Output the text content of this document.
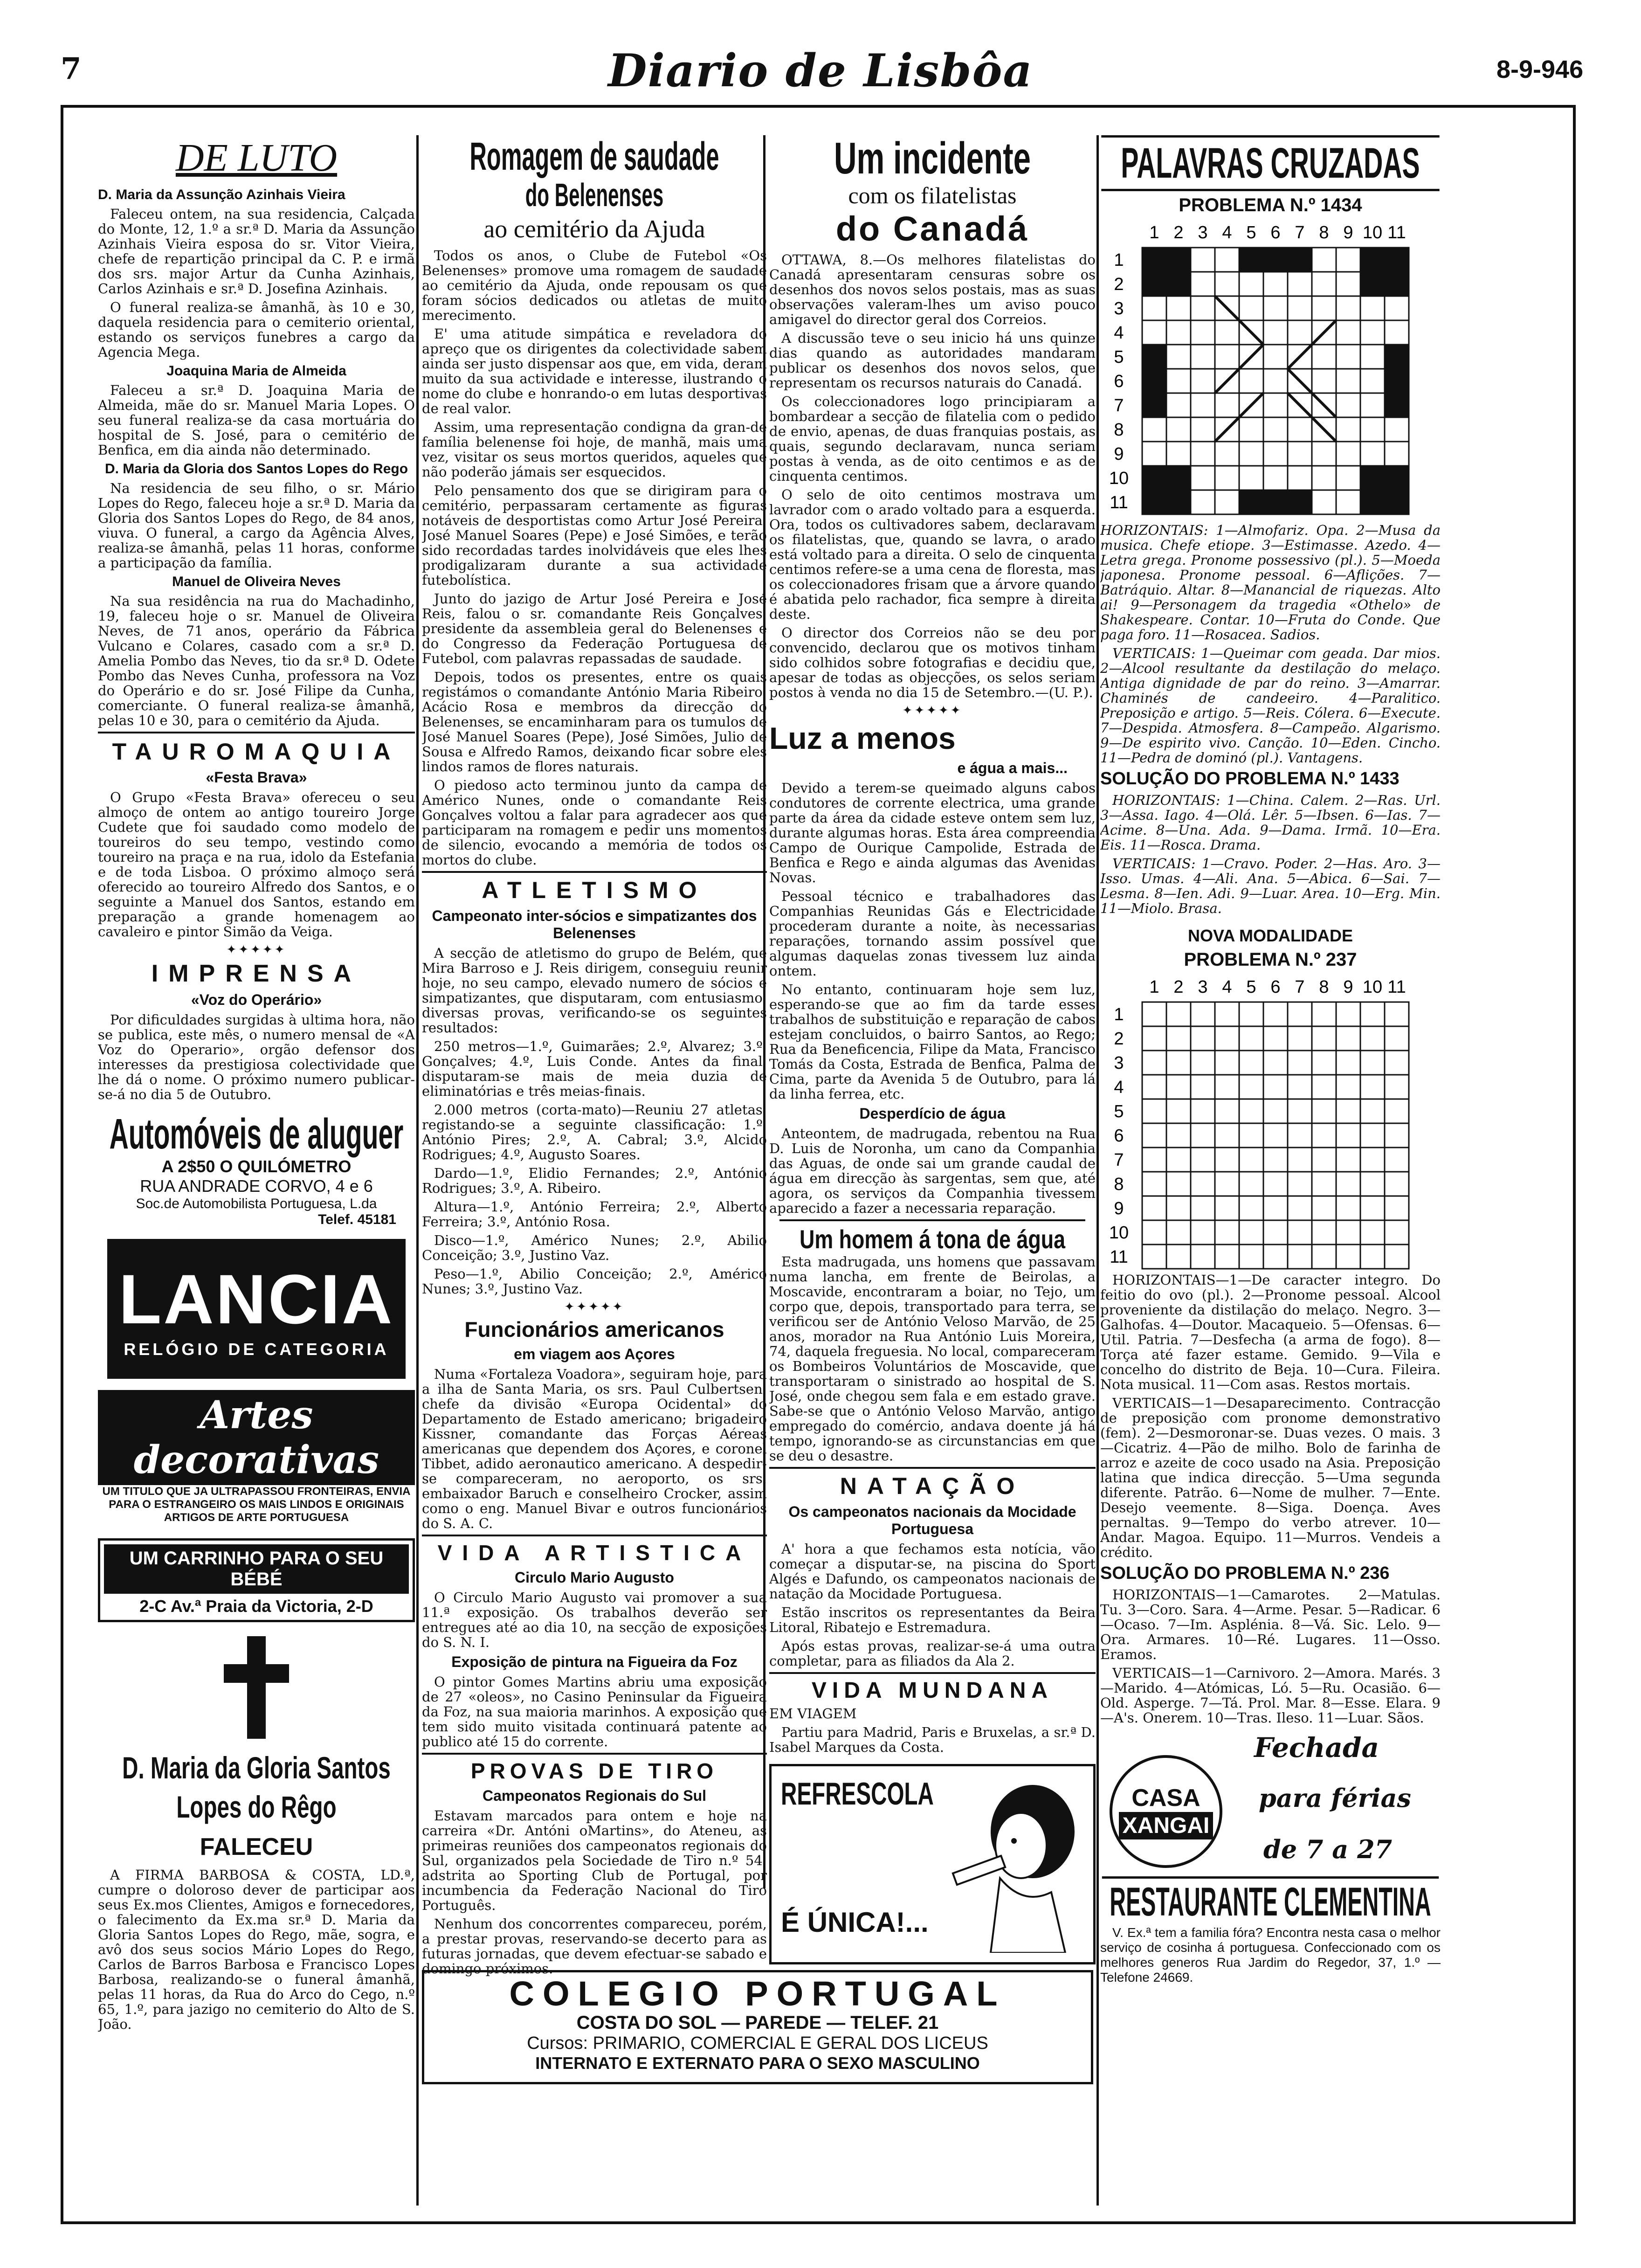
7	Diario de Lisbôa	8-9-946
DE LUTO
D. Maria da Assunção Azinhais Vieira

Faleceu ontem, na sua residencia, Calçada do Monte, 12, 1.º a sr.ª D. Maria da Assunção Azinhais Vieira esposa do sr. Vitor Vieira, chefe de repartição principal da C. P. e irmã dos srs. major Artur da Cunha Azinhais, Carlos Azinhais e sr.ª D. Josefina Azinhais.

O funeral realiza-se âmanhã, às 10 e 30, daquela residencia para o cemiterio oriental, estando os serviços funebres a cargo da Agencia Mega.

Joaquina Maria de Almeida

Faleceu a sr.ª D. Joaquina Maria de Almeida, mãe do sr. Manuel Maria Lopes. O seu funeral realiza-se da casa mortuária do hospital de S. José, para o cemitério de Benfica, em dia ainda não determinado.

D. Maria da Gloria dos Santos Lopes do Rego

Na residencia de seu filho, o sr. Mário Lopes do Rego, faleceu hoje a sr.ª D. Maria da Gloria dos Santos Lopes do Rego, de 84 anos, viuva. O funeral, a cargo da Agência Alves, realiza-se âmanhã, pelas 11 horas, conforme a participação da família.

Manuel de Oliveira Neves

Na sua residência na rua do Machadinho, 19, faleceu hoje o sr. Manuel de Oliveira Neves, de 71 anos, operário da Fábrica Vulcano e Colares, casado com a sr.ª D. Amelia Pombo das Neves, tio da sr.ª D. Odete Pombo das Neves Cunha, professora na Voz do Operário e do sr. José Filipe da Cunha, comerciante. O funeral realiza-se âmanhã, pelas 10 e 30, para o cemitério da Ajuda.

TAUROMAQUIA
«Festa Brava»

O Grupo «Festa Brava» ofereceu o seu almoço de ontem ao antigo toureiro Jorge Cudete que foi saudado como modelo de toureiros do seu tempo, vestindo como toureiro na praça e na rua, idolo da Estefania e de toda Lisboa. O próximo almoço será oferecido ao toureiro Alfredo dos Santos, e o seguinte a Manuel dos Santos, estando em preparação a grande homenagem ao cavaleiro e pintor Simão da Veiga.

✦✦✦✦✦
IMPRENSA
«Voz do Operário»

Por dificuldades surgidas à ultima hora, não se publica, este mês, o numero mensal de «A Voz do Operario», orgão defensor dos interesses da prestigiosa colectividade que lhe dá o nome. O próximo numero publicar-se-á no dia 5 de Outubro.

Automóveis de aluguer
A 2$50 O QUILÓMETRO
RUA ANDRADE CORVO, 4 e 6
Soc.de Automobilista Portuguesa, L.da
Telef. 45181
LANCIA
RELÓGIO DE CATEGORIA
Artes decorativas
UM TITULO QUE JA ULTRAPASSOU FRONTEIRAS, ENVIA PARA O ESTRANGEIRO OS MAIS LINDOS E ORIGINAIS ARTIGOS DE ARTE PORTUGUESA
UM CARRINHO PARA O SEU BÉBÉ
2-C Av.ª Praia da Victoria, 2-D
D. Maria da Gloria Santos Lopes do Rêgo
FALECEU

A FIRMA BARBOSA & COSTA, LD.ª, cumpre o doloroso dever de participar aos seus Ex.mos Clientes, Amigos e fornecedores, o falecimento da Ex.ma sr.ª D. Maria da Gloria Santos Lopes do Rego, mãe, sogra, e avô dos seus socios Mário Lopes do Rego, Carlos de Barros Barbosa e Francisco Lopes Barbosa, realizando-se o funeral âmanhã, pelas 11 horas, da Rua do Arco do Cego, n.º 65, 1.º, para jazigo no cemiterio do Alto de S. João.

Romagem de saudade
do Belenenses
ao cemitério da Ajuda

Todos os anos, o Clube de Futebol «Os Belenenses» promove uma romagem de saudade ao cemitério da Ajuda, onde repousam os que foram sócios dedicados ou atletas de muito merecimento.

E' uma atitude simpática e reveladora do apreço que os dirigentes da colectividade sabem ainda ser justo dispensar aos que, em vida, deram muito da sua actividade e interesse, ilustrando o nome do clube e honrando-o em lutas desportivas de real valor.

Assim, uma representação condigna da gran-de família belenense foi hoje, de manhã, mais uma vez, visitar os seus mortos queridos, aqueles que não poderão jámais ser esquecidos.

Pelo pensamento dos que se dirigiram para o cemitério, perpassaram certamente as figuras notáveis de desportistas como Artur José Pereira, José Manuel Soares (Pepe) e José Simões, e terão sido recordadas tardes inolvidáveis que eles lhes prodigalizaram durante a sua actividade futebolística.

Junto do jazigo de Artur José Pereira e José Reis, falou o sr. comandante Reis Gonçalves, presidente da assembleia geral do Belenenses e do Congresso da Federação Portuguesa de Futebol, com palavras repassadas de saudade.

Depois, todos os presentes, entre os quais registámos o comandante António Maria Ribeiro, Acácio Rosa e membros da direcção do Belenenses, se encaminharam para os tumulos de José Manuel Soares (Pepe), José Simões, Julio de Sousa e Alfredo Ramos, deixando ficar sobre eles lindos ramos de flores naturais.

O piedoso acto terminou junto da campa de Américo Nunes, onde o comandante Reis Gonçalves voltou a falar para agradecer aos que participaram na romagem e pedir uns momentos de silencio, evocando a memória de todos os mortos do clube.

ATLETISMO
Campeonato inter-sócios e simpatizantes dos Belenenses

A secção de atletismo do grupo de Belém, que Mira Barroso e J. Reis dirigem, conseguiu reunir hoje, no seu campo, elevado numero de sócios e simpatizantes, que disputaram, com entusiasmo, diversas provas, verificando-se os seguintes resultados:

250 metros—1.º, Guimarães; 2.º, Alvarez; 3.º, Gonçalves; 4.º, Luis Conde. Antes da final, disputaram-se mais de meia duzia de eliminatórias e três meias-finais.

2.000 metros (corta-mato)—Reuniu 27 atletas, registando-se a seguinte classificação: 1.º, António Pires; 2.º, A. Cabral; 3.º, Alcido Rodrigues; 4.º, Augusto Soares.

Dardo—1.º, Elidio Fernandes; 2.º, António Rodrigues; 3.º, A. Ribeiro.

Altura—1.º, António Ferreira; 2.º, Alberto Ferreira; 3.º, António Rosa.

Disco—1.º, Américo Nunes; 2.º, Abilio Conceição; 3.º, Justino Vaz.

Peso—1.º, Abilio Conceição; 2.º, Américo Nunes; 3.º, Justino Vaz.

✦✦✦✦✦
Funcionários americanos
em viagem aos Açores

Numa «Fortaleza Voadora», seguiram hoje, para a ilha de Santa Maria, os srs. Paul Culbertsen, chefe da divisão «Europa Ocidental» do Departamento de Estado americano; brigadeiro Kissner, comandante das Forças Aéreas americanas que dependem dos Açores, e coronel Tibbet, adido aeronautico americano. A despedir-se compareceram, no aeroporto, os srs. embaixador Baruch e conselheiro Crocker, assim como o eng. Manuel Bivar e outros funcionários do S. A. C.

VIDA ARTISTICA
Circulo Mario Augusto

O Circulo Mario Augusto vai promover a sua 11.ª exposição. Os trabalhos deverão ser entregues até ao dia 10, na secção de exposições do S. N. I.

Exposição de pintura na Figueira da Foz

O pintor Gomes Martins abriu uma exposição de 27 «oleos», no Casino Peninsular da Figueira da Foz, na sua maioria marinhos. A exposição que tem sido muito visitada continuará patente ao publico até 15 do corrente.

PROVAS DE TIRO
Campeonatos Regionais do Sul

Estavam marcados para ontem e hoje na carreira «Dr. Antóni oMartins», do Ateneu, as primeiras reuniões dos campeonatos regionais do Sul, organizados pela Sociedade de Tiro n.º 54, adstrita ao Sporting Club de Portugal, por incumbencia da Federação Nacional do Tiro Português.

Nenhum dos concorrentes compareceu, porém, a prestar provas, reservando-se decerto para as futuras jornadas, que devem efectuar-se sabado e domingo próximos.

Um incidente
com os filatelistas
do Canadá

OTTAWA, 8.—Os melhores filatelistas do Canadá apresentaram censuras sobre os desenhos dos novos selos postais, mas as suas observações valeram-lhes um aviso pouco amigavel do director geral dos Correios.

A discussão teve o seu inicio há uns quinze dias quando as autoridades mandaram publicar os desenhos dos novos selos, que representam os recursos naturais do Canadá.

Os coleccionadores logo principiaram a bombardear a secção de filatelia com o pedido de envio, apenas, de duas franquias postais, as quais, segundo declaravam, nunca seriam postas à venda, as de oito centimos e as de cinquenta centimos.

O selo de oito centimos mostrava um lavrador com o arado voltado para a esquerda. Ora, todos os cultivadores sabem, declaravam os filatelistas, que, quando se lavra, o arado está voltado para a direita. O selo de cinquenta centimos refere-se a uma cena de floresta, mas os coleccionadores frisam que a árvore quando é abatida pelo rachador, fica sempre à direita deste.

O director dos Correios não se deu por convencido, declarou que os motivos tinham sido colhidos sobre fotografias e decidiu que, apesar de todas as objecções, os selos seriam postos à venda no dia 15 de Setembro.—(U. P.).

✦✦✦✦✦
Luz a menos
e água a mais...

Devido a terem-se queimado alguns cabos condutores de corrente electrica, uma grande parte da área da cidade esteve ontem sem luz, durante algumas horas. Esta área compreendia Campo de Ourique Campolide, Estrada de Benfica e Rego e ainda algumas das Avenidas Novas.

Pessoal técnico e trabalhadores das Companhias Reunidas Gás e Electricidade procederam durante a noite, às necessarias reparações, tornando assim possível que algumas daquelas zonas tivessem luz ainda ontem.

No entanto, continuaram hoje sem luz, esperando-se que ao fim da tarde esses trabalhos de substituição e reparação de cabos estejam concluidos, o bairro Santos, ao Rego; Rua da Beneficencia, Filipe da Mata, Francisco Tomás da Costa, Estrada de Benfica, Palma de Cima, parte da Avenida 5 de Outubro, para lá da linha ferrea, etc.

Desperdício de água

Anteontem, de madrugada, rebentou na Rua D. Luis de Noronha, um cano da Companhia das Aguas, de onde sai um grande caudal de água em direcção às sargentas, sem que, até agora, os serviços da Companhia tivessem aparecido a fazer a necessaria reparação.

Um homem á tona de água

Esta madrugada, uns homens que passavam numa lancha, em frente de Beirolas, a Moscavide, encontraram a boiar, no Tejo, um corpo que, depois, transportado para terra, se verificou ser de António Veloso Marvão, de 25 anos, morador na Rua António Luis Moreira, 74, daquela freguesia. No local, compareceram os Bombeiros Voluntários de Moscavide, que transportaram o sinistrado ao hospital de S. José, onde chegou sem fala e em estado grave. Sabe-se que o António Veloso Marvão, antigo empregado do comércio, andava doente já há tempo, ignorando-se as circunstancias em que se deu o desastre.

NATAÇÃO
Os campeonatos nacionais da Mocidade Portuguesa

A' hora a que fechamos esta notícia, vão começar a disputar-se, na piscina do Sport Algés e Dafundo, os campeonatos nacionais de natação da Mocidade Portuguesa.

Estão inscritos os representantes da Beira Litoral, Ribatejo e Estremadura.

Após estas provas, realizar-se-á uma outra completar, para as filiados da Ala 2.

VIDA MUNDANA

EM VIAGEM

Partiu para Madrid, Paris e Bruxelas, a sr.ª D. Isabel Marques da Costa.

REFRESCOLA
É ÚNICA!...
PALAVRAS CRUZADAS
PROBLEMA N.º 1434
1
1
2
2
3
3
4
4
5
5
6
6
7
7
8
8
9
9
10
10
11
11

HORIZONTAIS: 1—Almofariz. Opa. 2—Musa da musica. Chefe etiope. 3—Estimasse. Azedo. 4—Letra grega. Pronome possessivo (pl.). 5—Moeda japonesa. Pronome pessoal. 6—Aflições. 7—Batráquio. Altar. 8—Manancial de riquezas. Alto ai! 9—Personagem da tragedia «Othelo» de Shakespeare. Contar. 10—Fruta do Conde. Que paga foro. 11—Rosacea. Sadios.

VERTICAIS: 1—Queimar com geada. Dar mios. 2—Alcool resultante da destilação do melaço. Antiga dignidade de par do reino. 3—Amarrar. Chaminés de candeeiro. 4—Paralitico. Preposição e artigo. 5—Reis. Cólera. 6—Execute. 7—Despida. Atmosfera. 8—Campeão. Algarismo. 9—De espirito vivo. Canção. 10—Eden. Cincho. 11—Pedra de dominó (pl.). Vantagens.

SOLUÇÃO DO PROBLEMA N.º 1433

HORIZONTAIS: 1—China. Calem. 2—Ras. Url. 3—Assa. Iago. 4—Olá. Lêr. 5—Ibsen. 6—Ias. 7—Acime. 8—Una. Ada. 9—Dama. Irmã. 10—Era. Eis. 11—Rosca. Drama.

VERTICAIS: 1—Cravo. Poder. 2—Has. Aro. 3—Isso. Umas. 4—Ali. Ana. 5—Abica. 6—Sai. 7—Lesma. 8—Ien. Adi. 9—Luar. Area. 10—Erg. Min. 11—Miolo. Brasa.

NOVA MODALIDADE
PROBLEMA N.º 237
1
1
2
2
3
3
4
4
5
5
6
6
7
7
8
8
9
9
10
10
11
11

HORIZONTAIS—1—De caracter integro. Do feitio do ovo (pl.). 2—Pronome pessoal. Alcool proveniente da distilação do melaço. Negro. 3—Galhofas. 4—Doutor. Macaqueio. 5—Ofensas. 6—Util. Patria. 7—Desfecha (a arma de fogo). 8—Torça até fazer estame. Gemido. 9—Vila e concelho do distrito de Beja. 10—Cura. Fileira. Nota musical. 11—Com asas. Restos mortais.

VERTICAIS—1—Desaparecimento. Contracção de preposição com pronome demonstrativo (fem). 2—Desmoronar-se. Duas vezes. O mais. 3—Cicatriz. 4—Pão de milho. Bolo de farinha de arroz e azeite de coco usado na Asia. Preposição latina que indica direcção. 5—Uma segunda diferente. Patrão. 6—Nome de mulher. 7—Ente. Desejo veemente. 8—Siga. Doença. Aves pernaltas. 9—Tempo do verbo atrever. 10—Andar. Magoa. Equipo. 11—Murros. Vendeis a crédito.

SOLUÇÃO DO PROBLEMA N.º 236

HORIZONTAIS—1—Camarotes. 2—Matulas. Tu. 3—Coro. Sara. 4—Arme. Pesar. 5—Radicar. 6—Ocaso. 7—Im. Asplénia. 8—Vá. Sic. Lelo. 9—Ora. Armares. 10—Ré. Lugares. 11—Osso. Eramos.

VERTICAIS—1—Carnivoro. 2—Amora. Marés. 3—Marido. 4—Atómicas, Ló. 5—Ru. Ocasião. 6—Old. Asperge. 7—Tá. Prol. Mar. 8—Esse. Elara. 9—A's. Onerem. 10—Tras. Ileso. 11—Luar. Sãos.

CASA
XANGAI
Fechada
para férias
de 7 a 27
RESTAURANTE CLEMENTINA

V. Ex.ª tem a familia fóra? Encontra nesta casa o melhor serviço de cosinha á portuguesa. Confeccionado com os melhores generos Rua Jardim do Regedor, 37, 1.º — Telefone 24669.

COLEGIO PORTUGAL
COSTA DO SOL — PAREDE — TELEF. 21
Cursos: PRIMARIO, COMERCIAL E GERAL DOS LICEUS
INTERNATO E EXTERNATO PARA O SEXO MASCULINO
